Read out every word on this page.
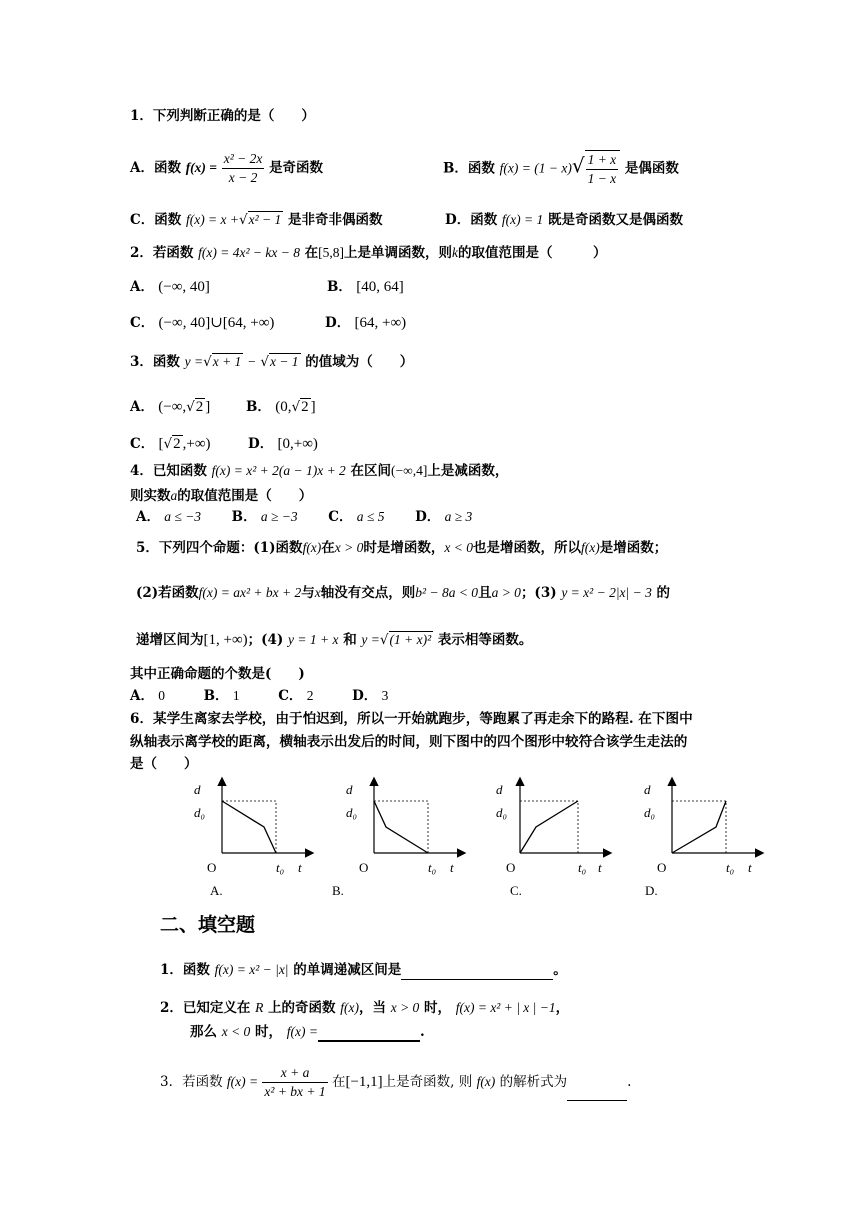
1．下列判断正确的是（　　）
A．函数 $f(x) = \frac{\text{x² − 2x}}{x - 2}$ 是奇函数	B．函数 $f(x) = (1 - x)√ \frac{1 + x}{1 - x}$ 是偶函数
C．函数 f(x) = x +√x² − 1 是非奇非偶函数	D．函数 f(x) = 1 既是奇函数又是偶函数
2．若函数 f(x) = 4x² − kx − 8 在[5,8]上是单调函数，则k的取值范围是（　　　）
A． (−∞, 40]	B． [40, 64]
C． (−∞, 40]∪[64, +∞)	D． [64, +∞)
3．函数 y =√x + 1 − √x − 1 的值域为（　　）
A． (−∞,√2 ]	B． (0,√2 ]
C． [√2 ,+∞)	D． [0,+∞)
4．已知函数 f(x) = x² + 2(a − 1)x + 2 在区间(−∞,4]上是减函数，
则实数a的取值范围是（　　）
A． a ≤ −3 B． a ≥ −3 C． a ≤ 5 D． a ≥ 3
5．下列四个命题：(1)函数f(x)在x > 0时是增函数，x < 0也是增函数，所以f(x)是增函数；
(2)若函数f(x) = ax² + bx + 2与x轴没有交点，则b² − 8a < 0且a > 0；(3) y = x² − 2|x| − 3 的
递增区间为[1, +∞)；(4) y = 1 + x 和 y =√(1 + x)² 表示相等函数。
其中正确命题的个数是(　　)
A． 0	B． 1	C． 2	D． 3
6．某学生离家去学校，由于怕迟到，所以一开始就跑步，等跑累了再走余下的路程. 在下图中
纵轴表示离学校的距离，横轴表示出发后的时间，则下图中的四个图形中较符合该学生走法的
是（　　）
d
d₀
O	t₀ t
A.
d
d₀
O	t₀ t
B.
d
d₀
O	t₀ t
C.
d
d₀
O	t₀ t
D.
二、填空题
1．函数 f(x) = x² − |x| 的单调递减区间是	。
2．已知定义在 R 上的奇函数 f(x)，当 x > 0 时， f(x) = x² + | x | −1，
那么 x < 0 时， f(x) =	.
3．若函数 $f(x) = \frac{x + a}{\text{x² + bx + 1}}$ 在[−1,1]上是奇函数, 则 f(x) 的解析式为	.
